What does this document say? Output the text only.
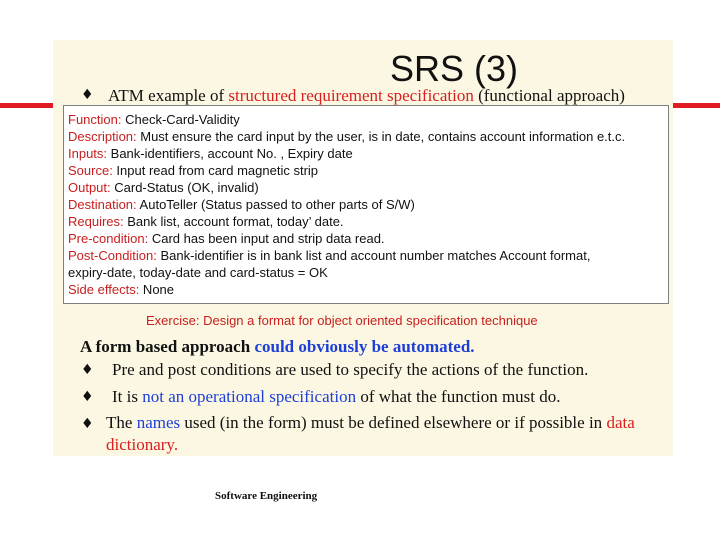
SRS (3)
♦ ATM example of structured requirement specification (functional approach)
Function: Check-Card-Validity
Description: Must ensure the card input by the user, is in date, contains account information e.t.c.
Inputs: Bank-identifiers, account No. , Expiry date
Source: Input read from card magnetic strip
Output: Card-Status (OK, invalid)
Destination: AutoTeller (Status passed to other parts of S/W)
Requires: Bank list, account format, today’ date.
Pre-condition: Card has been input and strip data read.
Post-Condition: Bank-identifier is in bank list and account number matches Account format,
expiry-date, today-date and card-status = OK
Side effects: None
Exercise: Design a format for object oriented specification technique
A form based approach could obviously be automated.
♦ Pre and post conditions are used to specify the actions of the function.
♦ It is not an operational specification of what the function must do.
♦ The names used (in the form) must be defined elsewhere or if possible in data
dictionary.
Software Engineering
